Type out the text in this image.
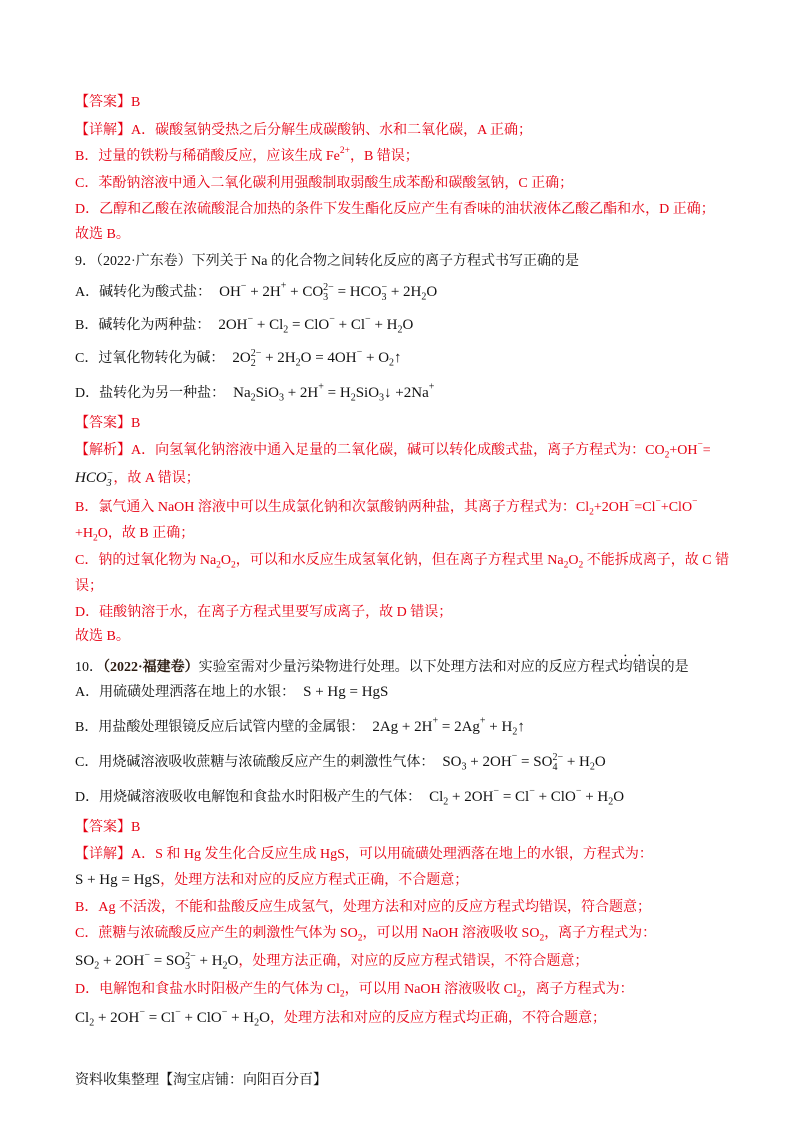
资料收集整理【淘宝店铺：向阳百分百】
【答案】B
【详解】A．碳酸氢钠受热之后分解生成碳酸钠、水和二氧化碳，A 正确；
B．过量的铁粉与稀硝酸反应，应该生成 $Fe^{2+}$，B 错误；
C．苯酚钠溶液中通入二氧化碳利用强酸制取弱酸生成苯酚和碳酸氢钠，C 正确；
D．乙醇和乙酸在浓硫酸混合加热的条件下发生酯化反应产生有香味的油状液体乙酸乙酯和水，D 正确；
故选 B。
9．（2022·广东卷）下列关于 Na 的化合物之间转化反应的离子方程式书写正确的是
A．碱转化为酸式盐： OH− + 2H+ + CO 2−
3 = HCO −
$3 + 2H_2O$
B．碱转化为两种盐： $2OH^- + Cl_2 = ClO^- + Cl^- + H_2O$
C．过氧化物转化为碱： 2O 2−
$2 + 2H_2O = 4OH^-$ + $O_2↑$
D．盐转化为另一种盐： $Na_2SiO_3 + 2H^+$ = $H_2SiO_3↓ +2Na^+$
【答案】B
【解析】A．向氢氧化钠溶液中通入足量的二氧化碳，碱可以转化成酸式盐，离子方程式为：$CO_2+OH^-=$
HCO −
3 ，故 A 错误；
B．氯气通入 NaOH 溶液中可以生成氯化钠和次氯酸钠两种盐，其离子方程式为：$Cl_2+2OH^-=Cl^-+ClO^-$
$+H_2O$，故 B 正确；
C．钠的过氧化物为 $Na_2O_2$，可以和水反应生成氢氧化钠，但在离子方程式里 $Na_2O_2$ 不能拆成离子，故 C 错
误；
D．硅酸钠溶于水，在离子方程式里要写成离子，故 D 错误；
故选 B。
10．（2022·福建卷）实验室需对少量污染物进行处理。以下处理方法和对应的反应方程式均错误的是
A．用硫磺处理洒落在地上的水银： S + Hg = HgS
B．用盐酸处理银镜反应后试管内壁的金属银： $2Ag + 2H^+ = 2Ag^+ + H_2↑$
C．用烧碱溶液吸收蔗糖与浓硫酸反应产生的刺激性气体： $SO_3 + 2OH^-$ = SO 2−
$4 + H_2O$
D．用烧碱溶液吸收电解饱和食盐水时阳极产生的气体： $Cl_2 + 2OH^- = Cl^- + ClO^- + H_2O$
【答案】B
【详解】A．S 和 Hg 发生化合反应生成 HgS，可以用硫磺处理洒落在地上的水银，方程式为：
S + Hg = HgS，处理方法和对应的反应方程式正确，不合题意；
B．Ag 不活泼，不能和盐酸反应生成氢气，处理方法和对应的反应方程式均错误，符合题意；
C．蔗糖与浓硫酸反应产生的刺激性气体为 $SO_2$，可以用 NaOH 溶液吸收 $SO_2$，离子方程式为：
$SO_2 + 2OH^-$ = SO 2−
$3 + H_2O$，处理方法正确，对应的反应方程式错误，不符合题意；
D．电解饱和食盐水时阳极产生的气体为 $Cl_2$，可以用 NaOH 溶液吸收 $Cl_2$，离子方程式为：
$Cl_2 + 2OH^- = Cl^- + ClO^- + H_2O$，处理方法和对应的反应方程式均正确，不符合题意；
